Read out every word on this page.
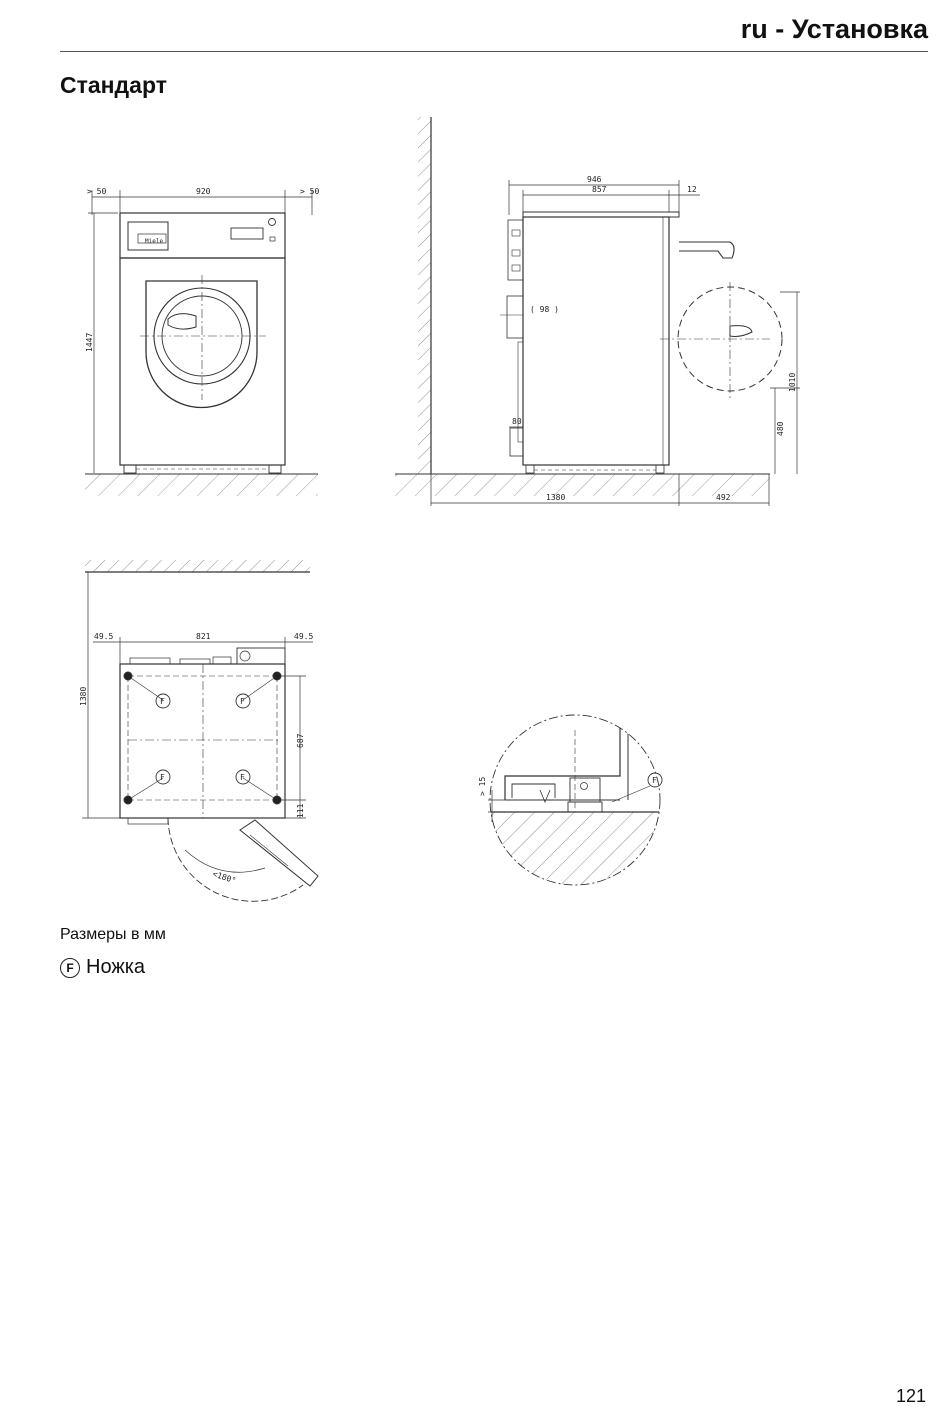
ru - Установка
Стандарт
> 50	920	> 50
1447
Miele
946
857	12
( 98 )
80
1010
480
1380	492
49.5	821	49.5
1380
687
111
<180°
F	F
F	F	> 15	F
Размеры в мм
F Ножка
121
